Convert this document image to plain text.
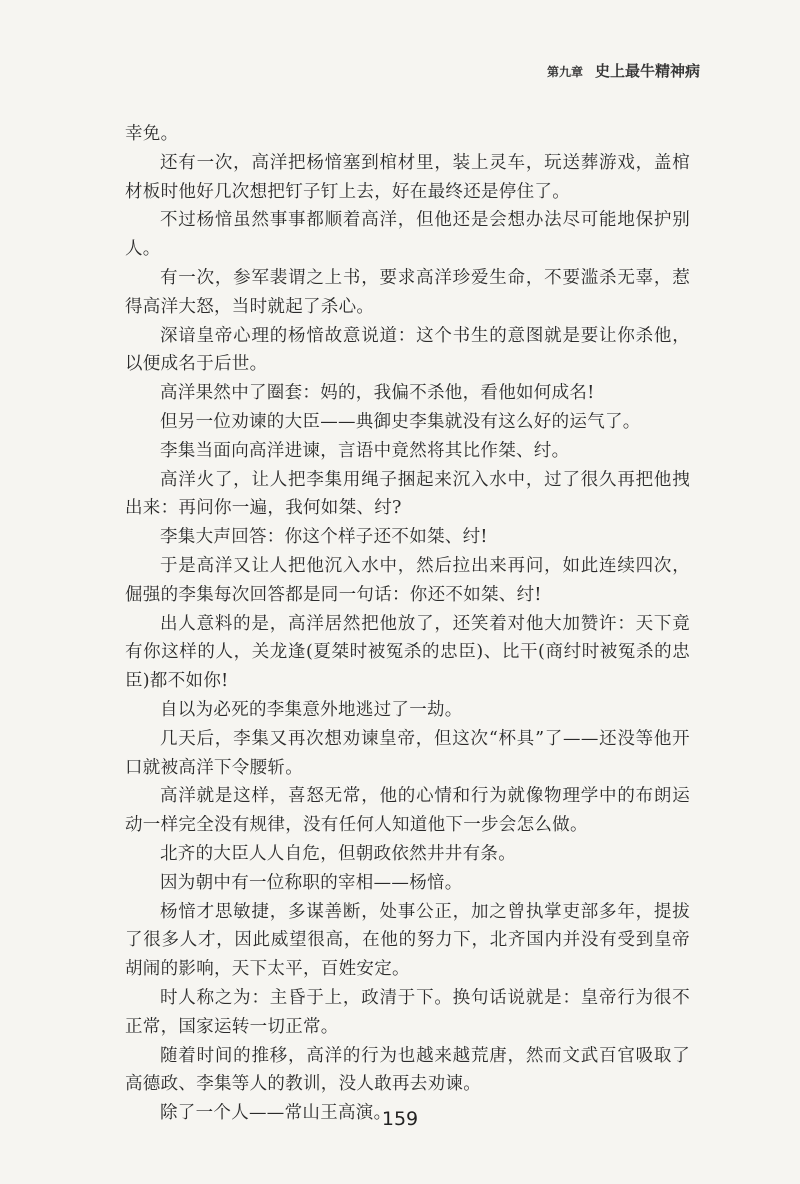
第九章 史上最牛精神病

幸免。

还有一次，高洋把杨愔塞到棺材里，装上灵车，玩送葬游戏，盖棺材板时他好几次想把钉子钉上去，好在最终还是停住了。

不过杨愔虽然事事都顺着高洋，但他还是会想办法尽可能地保护别人。

有一次，参军裴谓之上书，要求高洋珍爱生命，不要滥杀无辜，惹得高洋大怒，当时就起了杀心。

深谙皇帝心理的杨愔故意说道：这个书生的意图就是要让你杀他，以便成名于后世。

高洋果然中了圈套：妈的，我偏不杀他，看他如何成名!

但另一位劝谏的大臣——典御史李集就没有这么好的运气了。

李集当面向高洋进谏，言语中竟然将其比作桀、纣。

高洋火了，让人把李集用绳子捆起来沉入水中，过了很久再把他拽出来：再问你一遍，我何如桀、纣?

李集大声回答：你这个样子还不如桀、纣!

于是高洋又让人把他沉入水中，然后拉出来再问，如此连续四次，倔强的李集每次回答都是同一句话：你还不如桀、纣!

出人意料的是，高洋居然把他放了，还笑着对他大加赞许：天下竟有你这样的人，关龙逢(夏桀时被冤杀的忠臣)、比干(商纣时被冤杀的忠臣)都不如你!

自以为必死的李集意外地逃过了一劫。

几天后，李集又再次想劝谏皇帝，但这次“杯具”了——还没等他开口就被高洋下令腰斩。

高洋就是这样，喜怒无常，他的心情和行为就像物理学中的布朗运动一样完全没有规律，没有任何人知道他下一步会怎么做。

北齐的大臣人人自危，但朝政依然井井有条。

因为朝中有一位称职的宰相——杨愔。

杨愔才思敏捷，多谋善断，处事公正，加之曾执掌吏部多年，提拔了很多人才，因此威望很高，在他的努力下，北齐国内并没有受到皇帝胡闹的影响，天下太平，百姓安定。

时人称之为：主昏于上，政清于下。换句话说就是：皇帝行为很不正常，国家运转一切正常。

随着时间的推移，高洋的行为也越来越荒唐，然而文武百官吸取了高德政、李集等人的教训，没人敢再去劝谏。

除了一个人——常山王高演。

159
